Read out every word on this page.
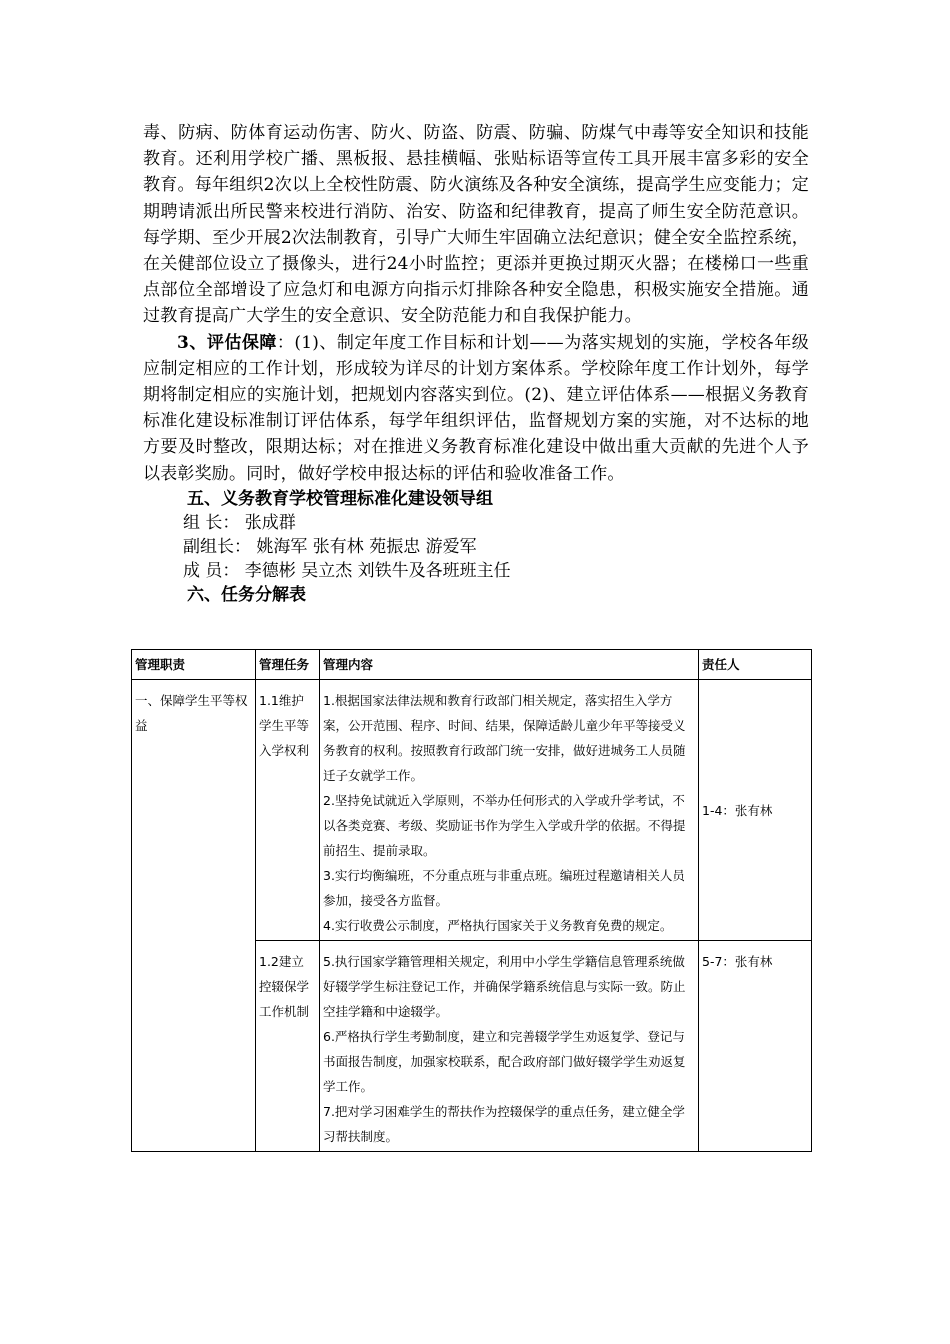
毒、防病、防体育运动伤害、防火、防盗、防震、防骗、防煤气中毒等安全知识和技能教育。还利用学校广播、黑板报、悬挂横幅、张贴标语等宣传工具开展丰富多彩的安全教育。每年组织2次以上全校性防震、防火演练及各种安全演练，提高学生应变能力；定期聘请派出所民警来校进行消防、治安、防盗和纪律教育，提高了师生安全防范意识。每学期、至少开展2次法制教育，引导广大师生牢固确立法纪意识；健全安全监控系统，在关健部位设立了摄像头，进行24小时监控；更添并更换过期灭火器；在楼梯口一些重点部位全部增设了应急灯和电源方向指示灯排除各种安全隐患，积极实施安全措施。通过教育提高广大学生的安全意识、安全防范能力和自我保护能力。

3、评估保障：(1)、制定年度工作目标和计划——为落实规划的实施，学校各年级应制定相应的工作计划，形成较为详尽的计划方案体系。学校除年度工作计划外，每学期将制定相应的实施计划，把规划内容落实到位。(2)、建立评估体系——根据义务教育标准化建设标准制订评估体系，每学年组织评估，监督规划方案的实施，对不达标的地方要及时整改，限期达标；对在推进义务教育标准化建设中做出重大贡献的先进个人予以表彰奖励。同时，做好学校申报达标的评估和验收准备工作。

五、义务教育学校管理标准化建设领导组

组 长： 张成群

副组长： 姚海军 张有林 苑振忠 游爱军

成 员： 李德彬 吴立杰 刘铁牛及各班班主任

六、任务分解表

管理职责	管理任务	管理内容	责任人
一、保障学生平等权益	1.1维护学生平等入学权利	1.根据国家法律法规和教育行政部门相关规定，落实招生入学方案，公开范围、程序、时间、结果，保障适龄儿童少年平等接受义务教育的权利。按照教育行政部门统一安排，做好进城务工人员随迁子女就学工作。
2.坚持免试就近入学原则，不举办任何形式的入学或升学考试，不以各类竞赛、考级、奖励证书作为学生入学或升学的依据。不得提前招生、提前录取。
3.实行均衡编班，不分重点班与非重点班。编班过程邀请相关人员参加，接受各方监督。
4.实行收费公示制度，严格执行国家关于义务教育免费的规定。	1-4：张有林
	1.2建立控辍保学工作机制	5.执行国家学籍管理相关规定，利用中小学生学籍信息管理系统做好辍学学生标注登记工作，并确保学籍系统信息与实际一致。防止空挂学籍和中途辍学。
6.严格执行学生考勤制度，建立和完善辍学学生劝返复学、登记与书面报告制度，加强家校联系，配合政府部门做好辍学学生劝返复学工作。
7.把对学习困难学生的帮扶作为控辍保学的重点任务，建立健全学习帮扶制度。	5-7：张有林
